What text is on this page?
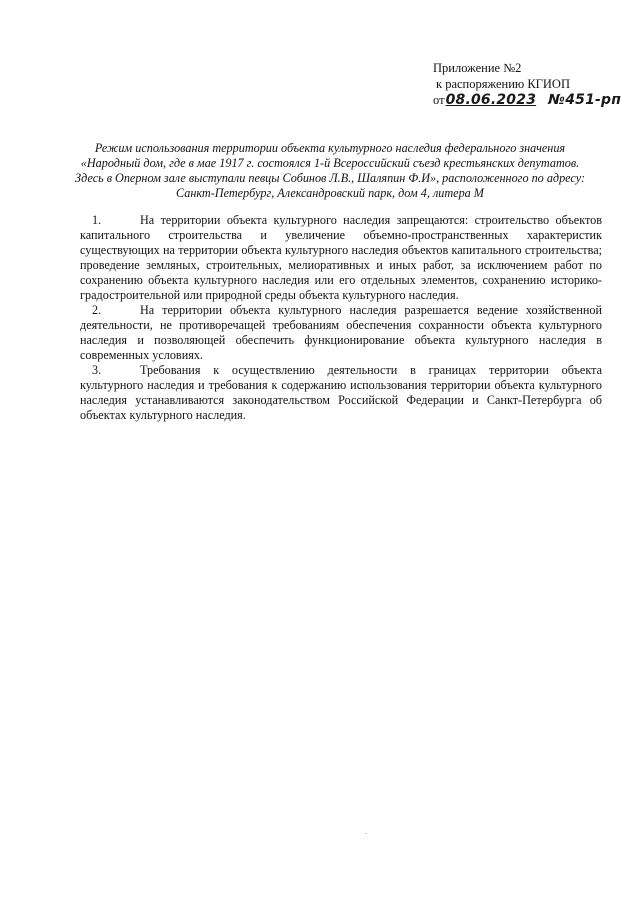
Приложение №2
к распоряжению КГИОП
от08.06.2023 №451-рп
Режим использования территории объекта культурного наследия федерального значения
«Народный дом, где в мае 1917 г. состоялся 1-й Всероссийский съезд крестьянских депутатов.
Здесь в Оперном зале выступали певцы Собинов Л.В., Шаляпин Ф.И», расположенного по адресу:
Санкт-Петербург, Александровский парк, дом 4, литера М
1.	На территории объекта культурного наследия запрещаются: строительство объектов
капитального строительства и увеличение объемно-пространственных характеристик существующих на территории объекта культурного наследия объектов капитального строительства; проведение земляных, строительных, мелиоративных и иных работ, за исключением работ по сохранению объекта культурного наследия или его отдельных элементов, сохранению историко-градостроительной или природной среды объекта культурного наследия.
2.	На территории объекта культурного наследия разрешается ведение хозяйственной
деятельности, не противоречащей требованиям обеспечения сохранности объекта культурного наследия и позволяющей обеспечить функционирование объекта культурного наследия в современных условиях.
3.	Требования к осуществлению деятельности в границах территории объекта
культурного наследия и требования к содержанию использования территории объекта культурного наследия устанавливаются законодательством Российской Федерации и Санкт-Петербурга об объектах культурного наследия.
